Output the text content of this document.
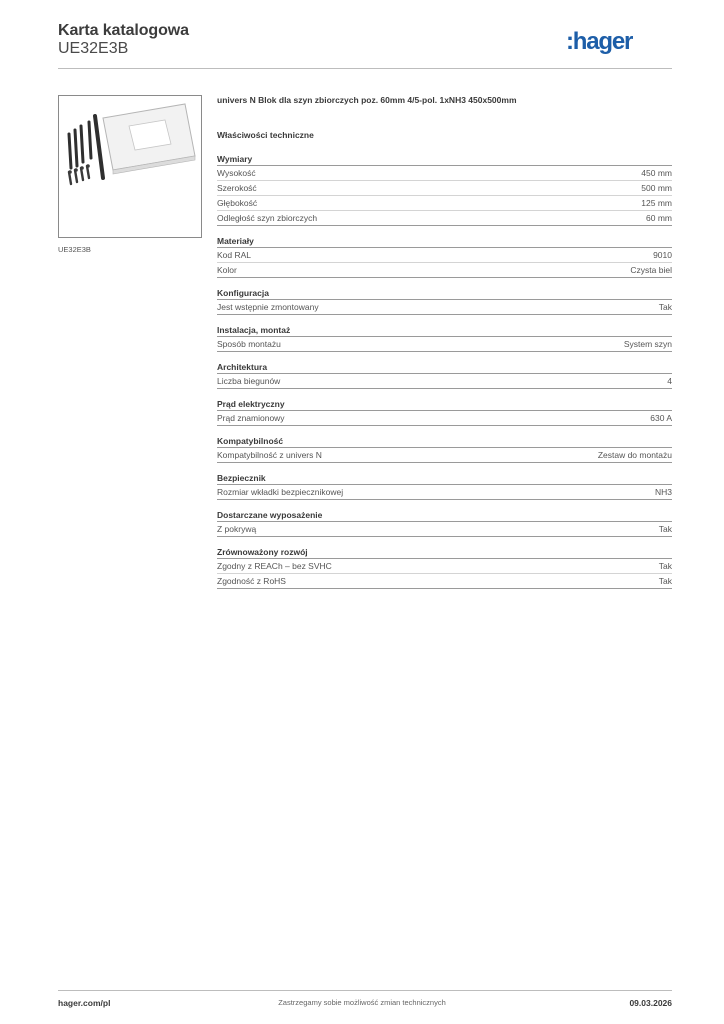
Karta katalogowa
UE32E3B	:hager
UE32E3B
univers N Blok dla szyn zbiorczych poz. 60mm 4/5-pol. 1xNH3 450x500mm
Właściwości techniczne
Wymiary
Wysokość	450 mm
Szerokość	500 mm
Głębokość	125 mm
Odległość szyn zbiorczych	60 mm
Materiały
Kod RAL	9010
Kolor	Czysta biel
Konfiguracja
Jest wstępnie zmontowany	Tak
Instalacja, montaż
Sposób montażu	System szyn
Architektura
Liczba biegunów	4
Prąd elektryczny
Prąd znamionowy	630 A
Kompatybilność
Kompatybilność z univers N	Zestaw do montażu
Bezpiecznik
Rozmiar wkładki bezpiecznikowej	NH3
Dostarczane wyposażenie
Z pokrywą	Tak
Zrównoważony rozwój
Zgodny z REACh – bez SVHC	Tak
Zgodność z RoHS	Tak
hager.com/pl	Zastrzegamy sobie możliwość zmian technicznych	09.03.2026
